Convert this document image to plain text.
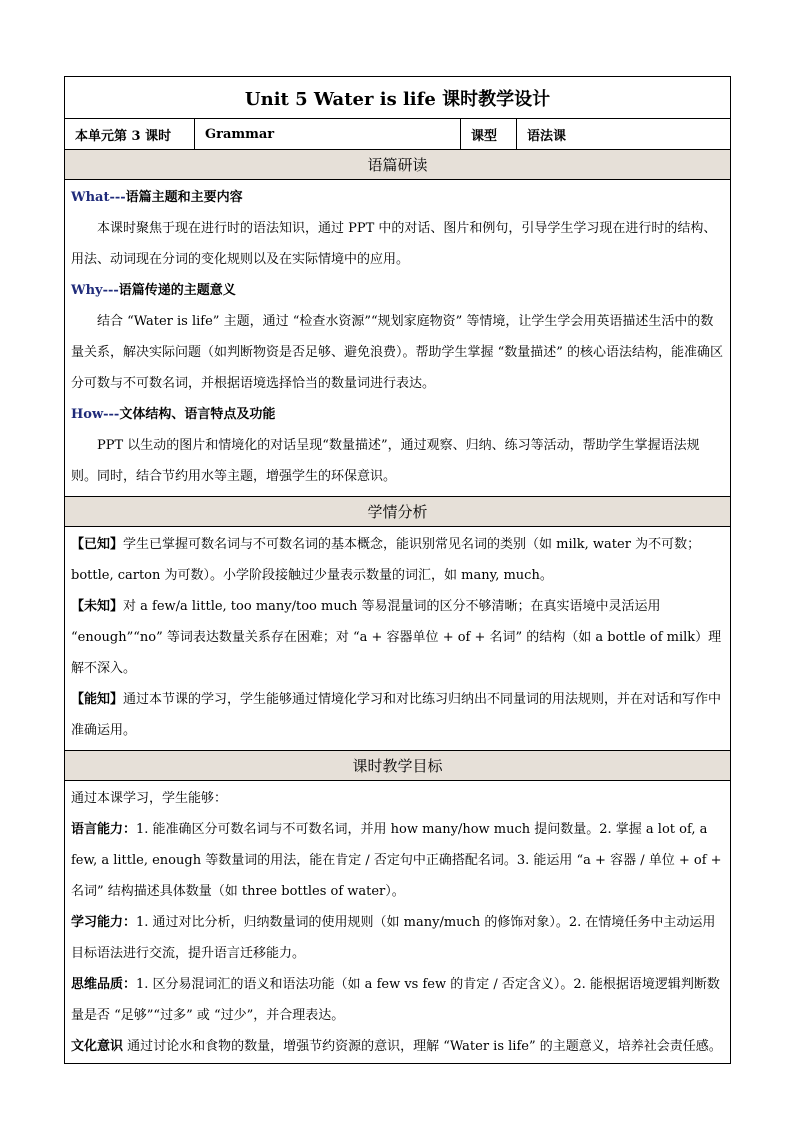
Unit 5 Water is life 课时教学设计
本单元第 3 课时	Grammar	课型	语法课
语篇研读

What---语篇主题和主要内容

本课时聚焦于现在进行时的语法知识，通过 PPT 中的对话、图片和例句，引导学生学习现在进行时的结构、用法、动词现在分词的变化规则以及在实际情境中的应用。

Why---语篇传递的主题意义

结合 “Water is life” 主题，通过 “检查水资源”“规划家庭物资” 等情境，让学生学会用英语描述生活中的数量关系，解决实际问题（如判断物资是否足够、避免浪费）。帮助学生掌握 “数量描述” 的核心语法结构，能准确区分可数与不可数名词，并根据语境选择恰当的数量词进行表达。

How---文体结构、语言特点及功能

PPT 以生动的图片和情境化的对话呈现“数量描述”，通过观察、归纳、练习等活动，帮助学生掌握语法规则。同时，结合节约用水等主题，增强学生的环保意识。

学情分析

【已知】学生已掌握可数名词与不可数名词的基本概念，能识别常见名词的类别（如 milk, water 为不可数；bottle, carton 为可数）。小学阶段接触过少量表示数量的词汇，如 many, much。

【未知】对 a few/a little, too many/too much 等易混量词的区分不够清晰；在真实语境中灵活运用 “enough”“no” 等词表达数量关系存在困难；对 “a + 容器单位 + of + 名词” 的结构（如 a bottle of milk）理解不深入。

【能知】通过本节课的学习，学生能够通过情境化学习和对比练习归纳出不同量词的用法规则，并在对话和写作中准确运用。

课时教学目标

通过本课学习，学生能够：

语言能力：1. 能准确区分可数名词与不可数名词，并用 how many/how much 提问数量。2. 掌握 a lot of, a few, a little, enough 等数量词的用法，能在肯定 / 否定句中正确搭配名词。3. 能运用 “a + 容器 / 单位 + of + 名词” 结构描述具体数量（如 three bottles of water）。

学习能力：1. 通过对比分析，归纳数量词的使用规则（如 many/much 的修饰对象）。2. 在情境任务中主动运用目标语法进行交流，提升语言迁移能力。

思维品质：1. 区分易混词汇的语义和语法功能（如 a few vs few 的肯定 / 否定含义）。2. 能根据语境逻辑判断数量是否 “足够”“过多” 或 “过少”，并合理表达。

文化意识 通过讨论水和食物的数量，增强节约资源的意识，理解 “Water is life” 的主题意义，培养社会责任感。
